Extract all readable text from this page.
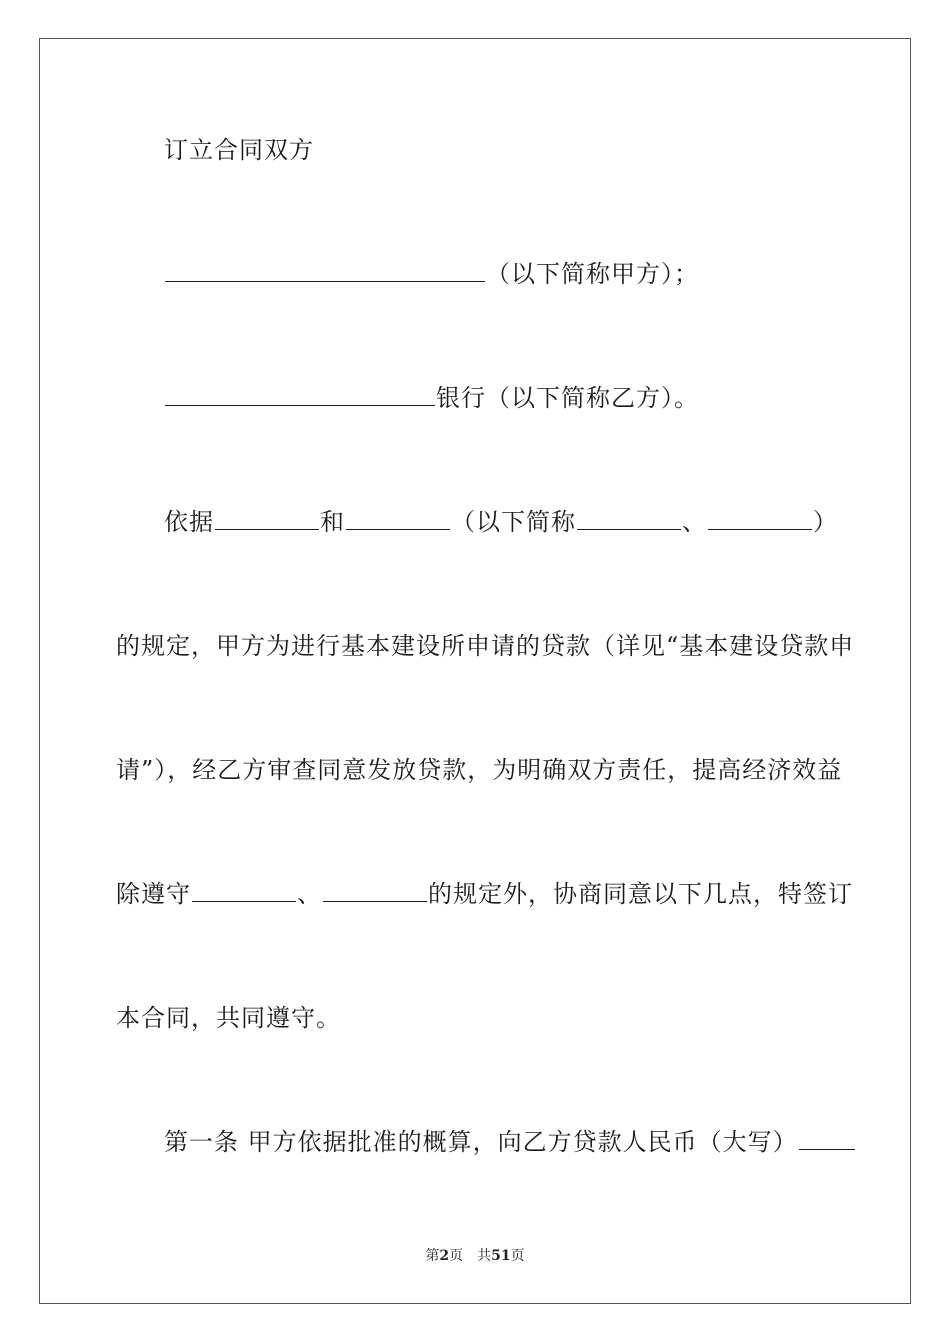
订立合同双方
（以下简称甲方）；
银行（以下简称乙方）。
依据	和	（以下简称	、	）
的规定，甲方为进行基本建设所申请的贷款（详见“基本建设贷款申
请”），经乙方审查同意发放贷款，为明确双方责任，提高经济效益
除遵守	、	的规定外，协商同意以下几点，特签订
本合同，共同遵守。
第一条 甲方依据批准的概算，向乙方贷款人民币（大写）
第2页 共51页
